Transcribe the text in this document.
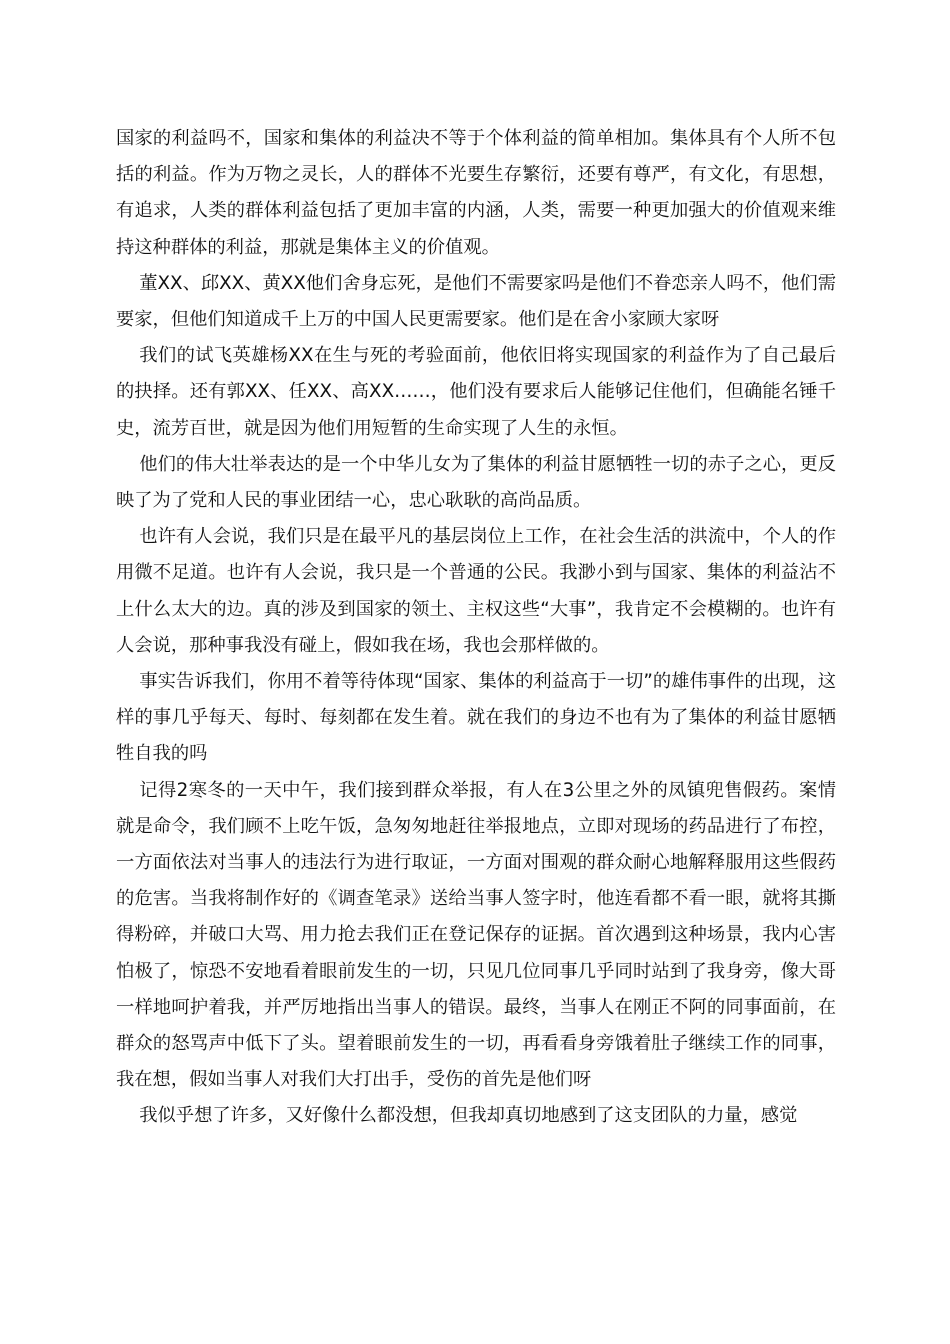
国家的利益吗不，国家和集体的利益决不等于个体利益的简单相加。集体具有个人所不包括的利益。作为万物之灵长，人的群体不光要生存繁衍，还要有尊严，有文化，有思想，有追求，人类的群体利益包括了更加丰富的内涵，人类，需要一种更加强大的价值观来维持这种群体的利益，那就是集体主义的价值观。

董XX、邱XX、黄XX他们舍身忘死，是他们不需要家吗是他们不眷恋亲人吗不，他们需要家，但他们知道成千上万的中国人民更需要家。他们是在舍小家顾大家呀

我们的试飞英雄杨XX在生与死的考验面前，他依旧将实现国家的利益作为了自己最后的抉择。还有郭XX、任XX、高XX……，他们没有要求后人能够记住他们，但确能名锤千史，流芳百世，就是因为他们用短暂的生命实现了人生的永恒。

他们的伟大壮举表达的是一个中华儿女为了集体的利益甘愿牺牲一切的赤子之心，更反映了为了党和人民的事业团结一心，忠心耿耿的高尚品质。

也许有人会说，我们只是在最平凡的基层岗位上工作，在社会生活的洪流中，个人的作用微不足道。也许有人会说，我只是一个普通的公民。我渺小到与国家、集体的利益沾不上什么太大的边。真的涉及到国家的领土、主权这些“大事”，我肯定不会模糊的。也许有人会说，那种事我没有碰上，假如我在场，我也会那样做的。

事实告诉我们，你用不着等待体现“国家、集体的利益高于一切”的雄伟事件的出现，这样的事几乎每天、每时、每刻都在发生着。就在我们的身边不也有为了集体的利益甘愿牺牲自我的吗

记得2寒冬的一天中午，我们接到群众举报，有人在3公里之外的凤镇兜售假药。案情就是命令，我们顾不上吃午饭，急匆匆地赶往举报地点，立即对现场的药品进行了布控，一方面依法对当事人的违法行为进行取证，一方面对围观的群众耐心地解释服用这些假药的危害。当我将制作好的《调查笔录》送给当事人签字时，他连看都不看一眼，就将其撕得粉碎，并破口大骂、用力抢去我们正在登记保存的证据。首次遇到这种场景，我内心害怕极了，惊恐不安地看着眼前发生的一切，只见几位同事几乎同时站到了我身旁，像大哥一样地呵护着我，并严厉地指出当事人的错误。最终，当事人在刚正不阿的同事面前，在群众的怒骂声中低下了头。望着眼前发生的一切，再看看身旁饿着肚子继续工作的同事，我在想，假如当事人对我们大打出手，受伤的首先是他们呀

我似乎想了许多，又好像什么都没想，但我却真切地感到了这支团队的力量，感觉
